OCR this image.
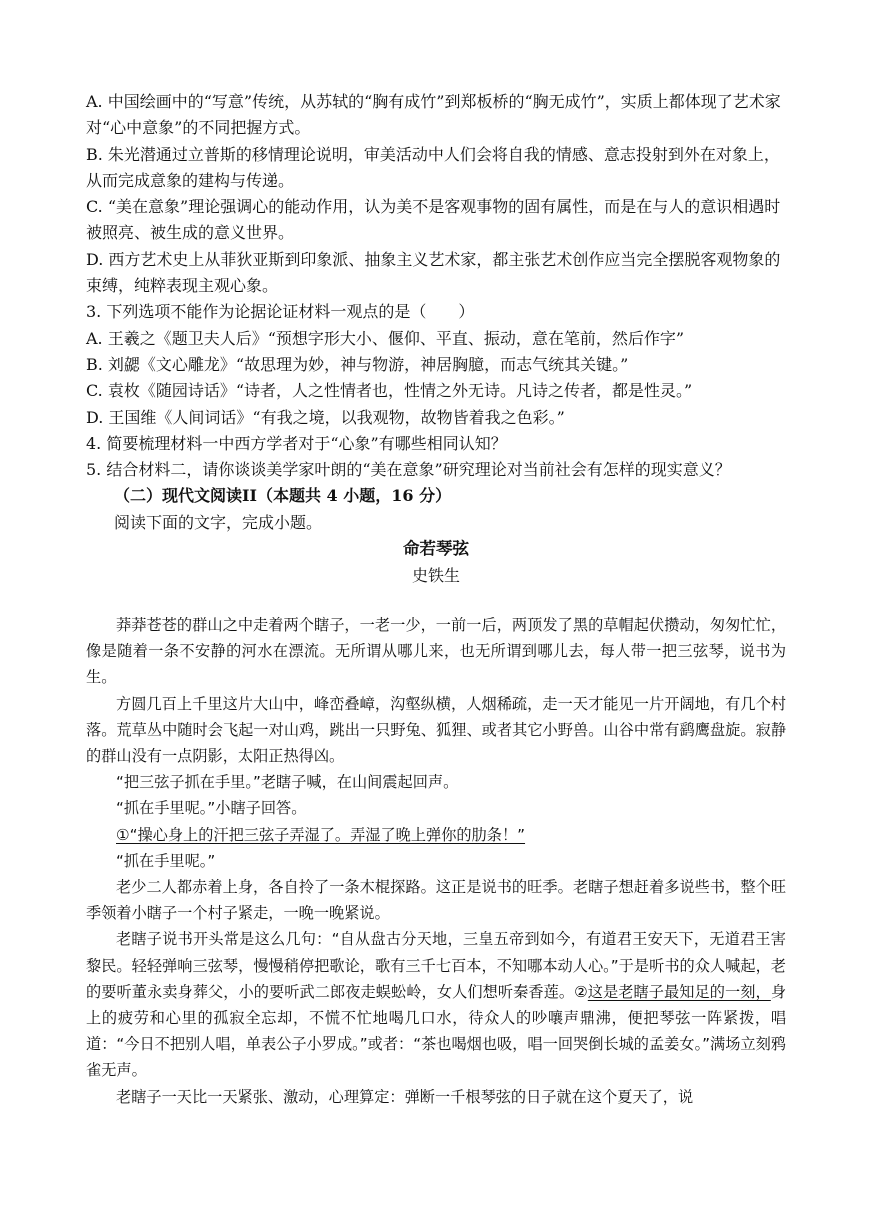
A. 中国绘画中的“写意”传统，从苏轼的“胸有成竹”到郑板桥的“胸无成竹”，实质上都体现了艺术家对“心中意象”的不同把握方式。

B. 朱光潜通过立普斯的移情理论说明，审美活动中人们会将自我的情感、意志投射到外在对象上，从而完成意象的建构与传递。

C. “美在意象”理论强调心的能动作用，认为美不是客观事物的固有属性，而是在与人的意识相遇时被照亮、被生成的意义世界。

D. 西方艺术史上从菲狄亚斯到印象派、抽象主义艺术家，都主张艺术创作应当完全摆脱客观物象的束缚，纯粹表现主观心象。

3. 下列选项不能作为论据论证材料一观点的是（　　）

A. 王羲之《题卫夫人后》“预想字形大小、偃仰、平直、振动，意在笔前，然后作字”

B. 刘勰《文心雕龙》“故思理为妙，神与物游，神居胸臆，而志气统其关键。”

C. 袁枚《随园诗话》“诗者，人之性情者也，性情之外无诗。凡诗之传者，都是性灵。”

D. 王国维《人间词话》“有我之境，以我观物，故物皆着我之色彩。”

4. 简要梳理材料一中西方学者对于“心象”有哪些相同认知？

5. 结合材料二，请你谈谈美学家叶朗的“美在意象”研究理论对当前社会有怎样的现实意义？

（二）现代文阅读II（本题共 4 小题，16 分）

阅读下面的文字，完成小题。

命若琴弦

史铁生

莽莽苍苍的群山之中走着两个瞎子，一老一少，一前一后，两顶发了黑的草帽起伏攒动，匆匆忙忙，像是随着一条不安静的河水在漂流。无所谓从哪儿来，也无所谓到哪儿去，每人带一把三弦琴，说书为生。

方圆几百上千里这片大山中，峰峦叠嶂，沟壑纵横，人烟稀疏，走一天才能见一片开阔地，有几个村落。荒草丛中随时会飞起一对山鸡，跳出一只野兔、狐狸、或者其它小野兽。山谷中常有鹞鹰盘旋。寂静的群山没有一点阴影，太阳正热得凶。

“把三弦子抓在手里。”老瞎子喊，在山间震起回声。

“抓在手里呢。”小瞎子回答。

①“操心身上的汗把三弦子弄湿了。弄湿了晚上弹你的肋条！”

“抓在手里呢。”

老少二人都赤着上身，各自拎了一条木棍探路。这正是说书的旺季。老瞎子想赶着多说些书，整个旺季领着小瞎子一个村子紧走，一晚一晚紧说。

老瞎子说书开头常是这么几句：“自从盘古分天地，三皇五帝到如今，有道君王安天下，无道君王害黎民。轻轻弹响三弦琴，慢慢稍停把歌论，歌有三千七百本，不知哪本动人心。”于是听书的众人喊起，老的要听董永卖身葬父，小的要听武二郎夜走蜈蚣岭，女人们想听秦香莲。②这是老瞎子最知足的一刻，身上的疲劳和心里的孤寂全忘却，不慌不忙地喝几口水，待众人的吵嚷声鼎沸，便把琴弦一阵紧拨，唱道：“今日不把别人唱，单表公子小罗成。”或者：“茶也喝烟也吸，唱一回哭倒长城的孟姜女。”满场立刻鸦雀无声。

老瞎子一天比一天紧张、激动，心理算定：弹断一千根琴弦的日子就在这个夏天了，说
